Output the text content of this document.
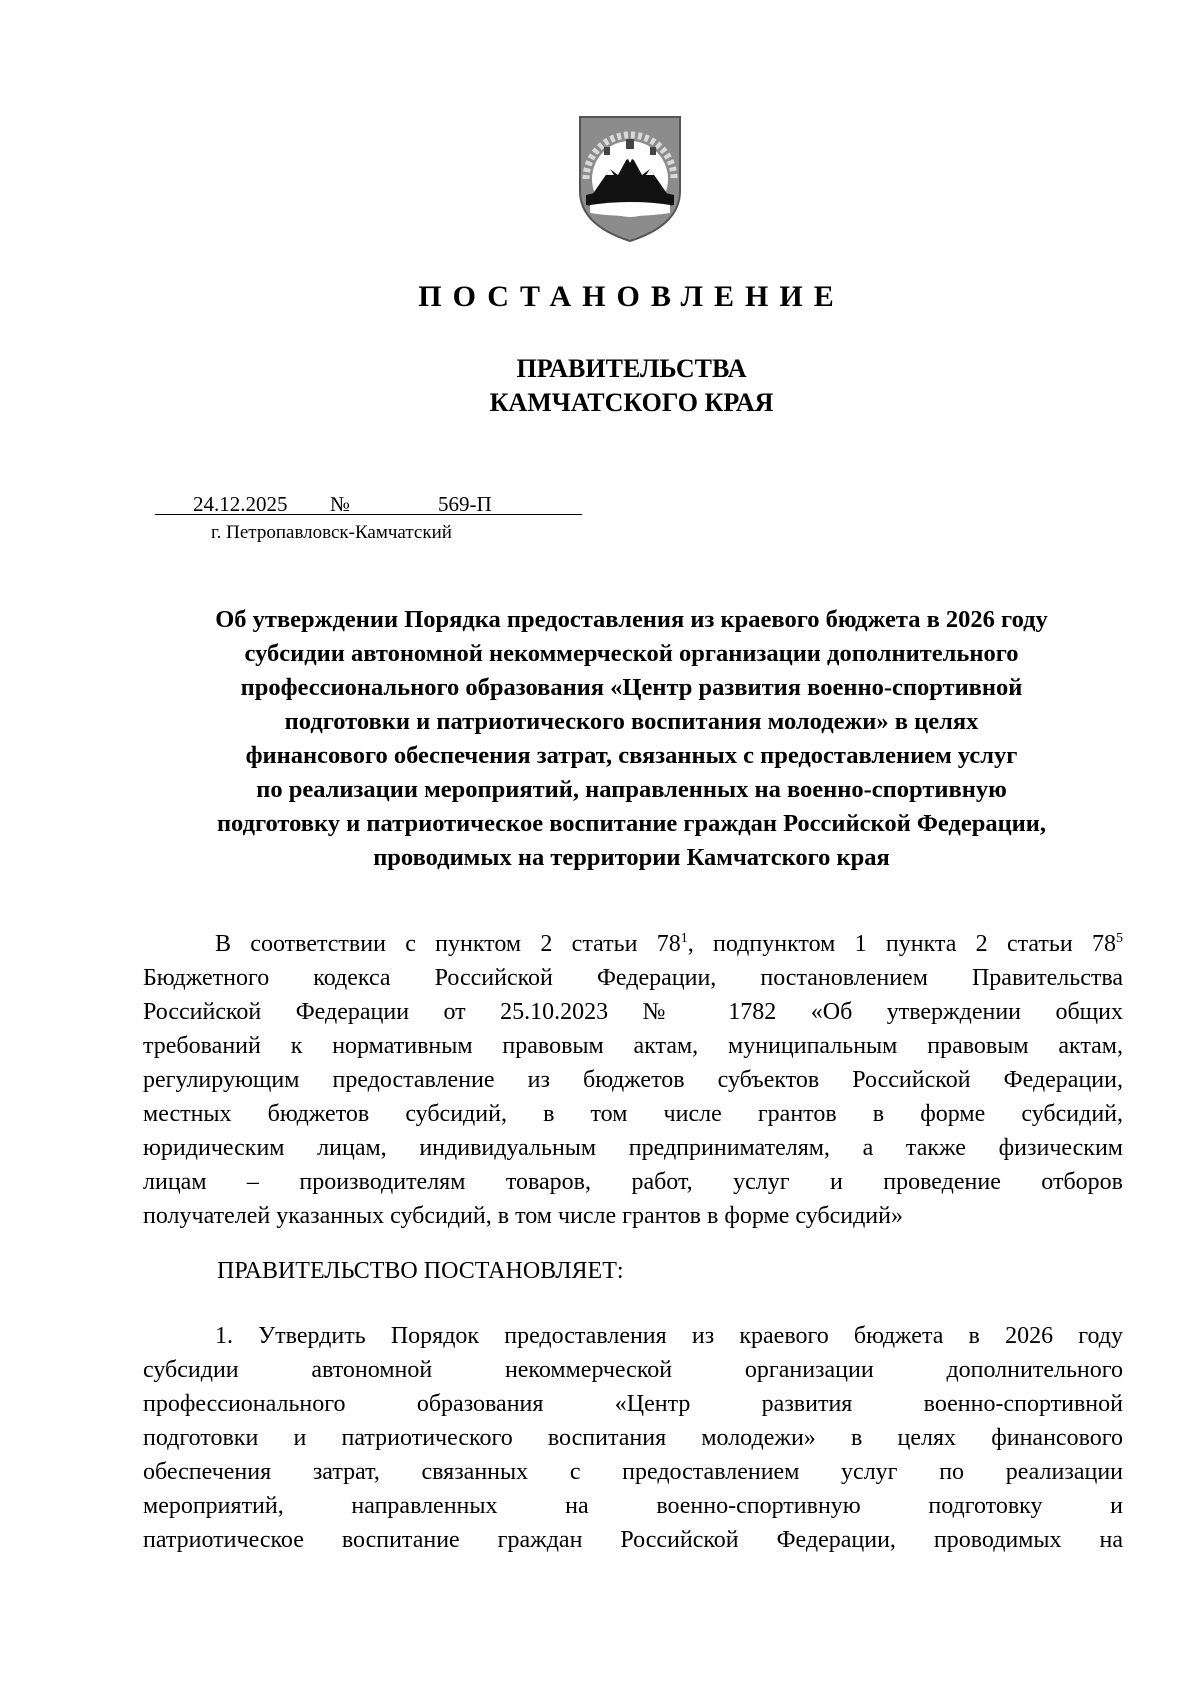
ПОСТАНОВЛЕНИЕ
ПРАВИТЕЛЬСТВА
КАМЧАТСКОГО КРАЯ
24.12.2025 №	569-П
г. Петропавловск-Камчатский
Об утверждении Порядка предоставления из краевого бюджета в 2026 году
субсидии автономной некоммерческой организации дополнительного
профессионального образования «Центр развития военно-спортивной
подготовки и патриотического воспитания молодежи» в целях
финансового обеспечения затрат, связанных с предоставлением услуг
по реализации мероприятий, направленных на военно-спортивную
подготовку и патриотическое воспитание граждан Российской Федерации,
проводимых на территории Камчатского края
В соответствии с пунктом 2 статьи $78^1$, подпунктом 1 пункта 2 статьи $78^5$
Бюджетного кодекса Российской Федерации, постановлением Правительства
Российской Федерации от 25.10.2023 № 1782 «Об утверждении общих
требований к нормативным правовым актам, муниципальным правовым актам,
регулирующим предоставление из бюджетов субъектов Российской Федерации,
местных бюджетов субсидий, в том числе грантов в форме субсидий,
юридическим лицам, индивидуальным предпринимателям, а также физическим
лицам – производителям товаров, работ, услуг и проведение отборов
получателей указанных субсидий, в том числе грантов в форме субсидий»
ПРАВИТЕЛЬСТВО ПОСТАНОВЛЯЕТ:
1. Утвердить Порядок предоставления из краевого бюджета в 2026 году
субсидии автономной некоммерческой организации дополнительного
профессионального образования «Центр развития военно-спортивной
подготовки и патриотического воспитания молодежи» в целях финансового
обеспечения затрат, связанных с предоставлением услуг по реализации
мероприятий, направленных на военно-спортивную подготовку и
патриотическое воспитание граждан Российской Федерации, проводимых на
